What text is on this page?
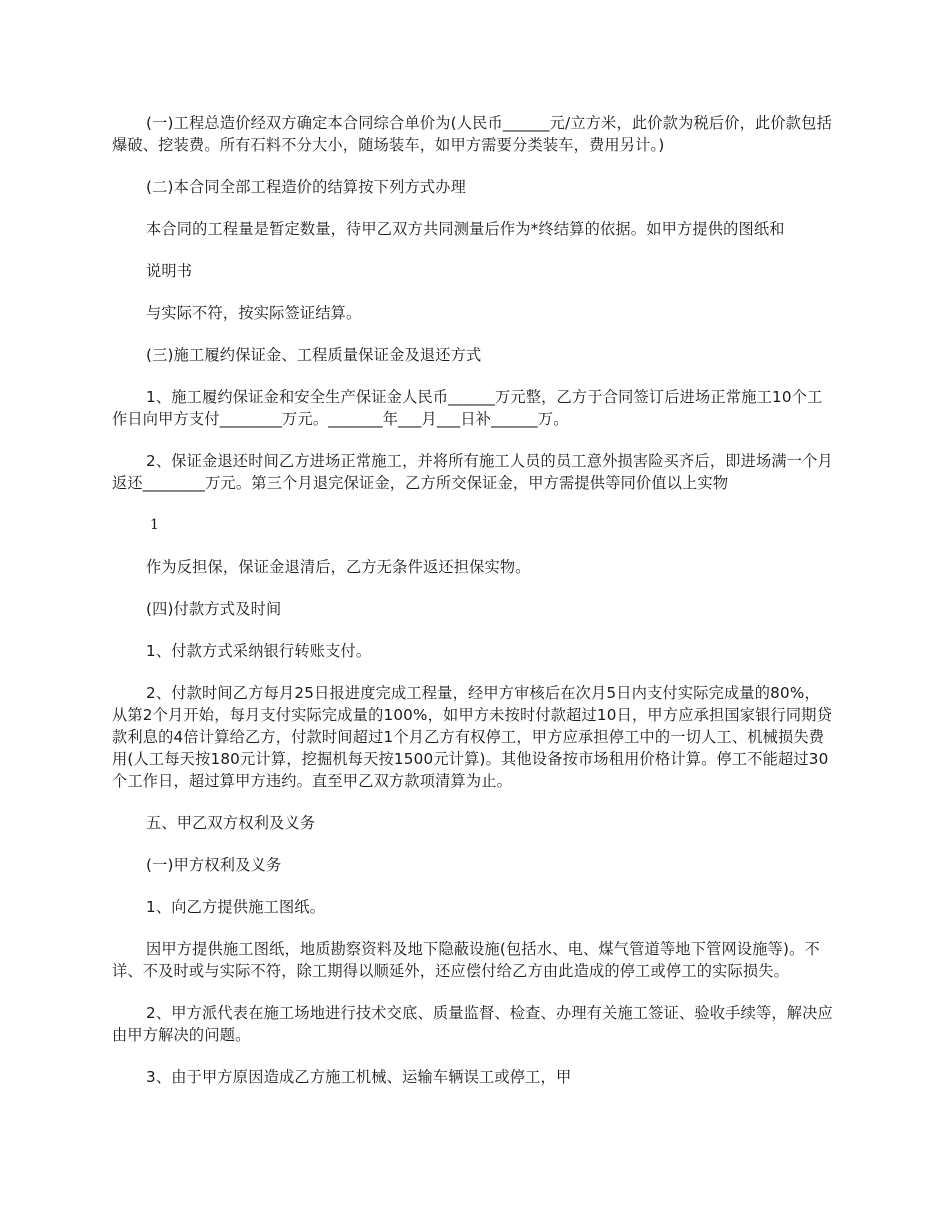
(一)工程总造价经双方确定本合同综合单价为(人民币______元/立方米，此价款为税后价，此价款包括爆破、挖装费。所有石料不分大小，随场装车，如甲方需要分类装车，费用另计。)

(二)本合同全部工程造价的结算按下列方式办理

本合同的工程量是暂定数量，待甲乙双方共同测量后作为*终结算的依据。如甲方提供的图纸和

说明书

与实际不符，按实际签证结算。

(三)施工履约保证金、工程质量保证金及退还方式

1、施工履约保证金和安全生产保证金人民币______万元整，乙方于合同签订后进场正常施工10个工作日向甲方支付________万元。_______年___月___日补______万。

2、保证金退还时间乙方进场正常施工，并将所有施工人员的员工意外损害险买齐后，即进场满一个月返还________万元。第三个月退完保证金，乙方所交保证金，甲方需提供等同价值以上实物

1

作为反担保，保证金退清后，乙方无条件返还担保实物。

(四)付款方式及时间

1、付款方式采纳银行转账支付。

2、付款时间乙方每月25日报进度完成工程量，经甲方审核后在次月5日内支付实际完成量的80%，从第2个月开始，每月支付实际完成量的100%，如甲方未按时付款超过10日，甲方应承担国家银行同期贷款利息的4倍计算给乙方，付款时间超过1个月乙方有权停工，甲方应承担停工中的一切人工、机械损失费用(人工每天按180元计算，挖掘机每天按1500元计算)。其他设备按市场租用价格计算。停工不能超过30个工作日，超过算甲方违约。直至甲乙双方款项清算为止。

五、甲乙双方权利及义务

(一)甲方权利及义务

1、向乙方提供施工图纸。

因甲方提供施工图纸，地质勘察资料及地下隐蔽设施(包括水、电、煤气管道等地下管网设施等)。不详、不及时或与实际不符，除工期得以顺延外，还应偿付给乙方由此造成的停工或停工的实际损失。

2、甲方派代表在施工场地进行技术交底、质量监督、检查、办理有关施工签证、验收手续等，解决应由甲方解决的问题。

3、由于甲方原因造成乙方施工机械、运输车辆误工或停工，甲
